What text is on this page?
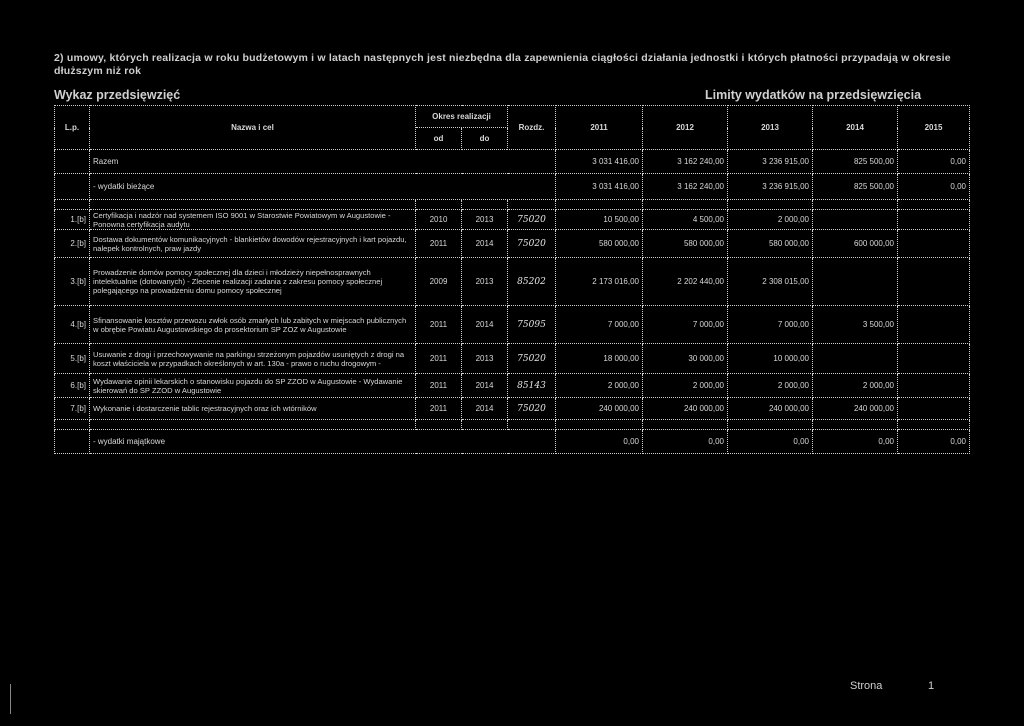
2) umowy, których realizacja w roku budżetowym i w latach następnych jest niezbędna dla zapewnienia ciągłości działania jednostki i których płatności przypadają w okresie dłuższym niż rok
Wykaz przedsięwzięć	Limity wydatków na przedsięwzięcia
L.p.	Nazwa i cel	Okres realizacji		Rozdz.	2011	2012	2013	2014	2015
		od	do						
	Razem				3 031 416,00	3 162 240,00	3 236 915,00	825 500,00	0,00
	- wydatki bieżące				3 031 416,00	3 162 240,00	3 236 915,00	825 500,00	0,00

1.[b]	Certyfikacja i nadzór nad systemem ISO 9001 w Starostwie Powiatowym w Augustowie - Ponowna certyfikacja audytu	2010	2013	75020	10 500,00	4 500,00	2 000,00		
2.[b]	Dostawa dokumentów komunikacyjnych - blankietów dowodów rejestracyjnych i kart pojazdu, nalepek kontrolnych, praw jazdy	2011	2014	75020	580 000,00	580 000,00	580 000,00	600 000,00	
3.[b]	Prowadzenie domów pomocy społecznej dla dzieci i młodzieży niepełnosprawnych intelektualnie (dotowanych) - Zlecenie realizacji zadania z zakresu pomocy społecznej polegającego na prowadzeniu domu pomocy społecznej	2009	2013	85202	2 173 016,00	2 202 440,00	2 308 015,00		
4.[b]	Sfinansowanie kosztów przewozu zwłok osób zmarłych lub zabitych w miejscach publicznych w obrębie Powiatu Augustowskiego do prosektorium SP ZOZ w Augustowie	2011	2014	75095	7 000,00	7 000,00	7 000,00	3 500,00	
5.[b]	Usuwanie z drogi i przechowywanie na parkingu strzeżonym pojazdów usuniętych z drogi na koszt właściciela w przypadkach określonych w art. 130a - prawo o ruchu drogowym -	2011	2013	75020	18 000,00	30 000,00	10 000,00		
6.[b]	Wydawanie opinii lekarskich o stanowisku pojazdu do SP ZZOD w Augustowie - Wydawanie skierowań do SP ZZOD w Augustowie	2011	2014	85143	2 000,00	2 000,00	2 000,00	2 000,00	
7.[b]	Wykonanie i dostarczenie tablic rejestracyjnych oraz ich wtórników	2011	2014	75020	240 000,00	240 000,00	240 000,00	240 000,00	

	- wydatki majątkowe				0,00	0,00	0,00	0,00	0,00
Strona	1
